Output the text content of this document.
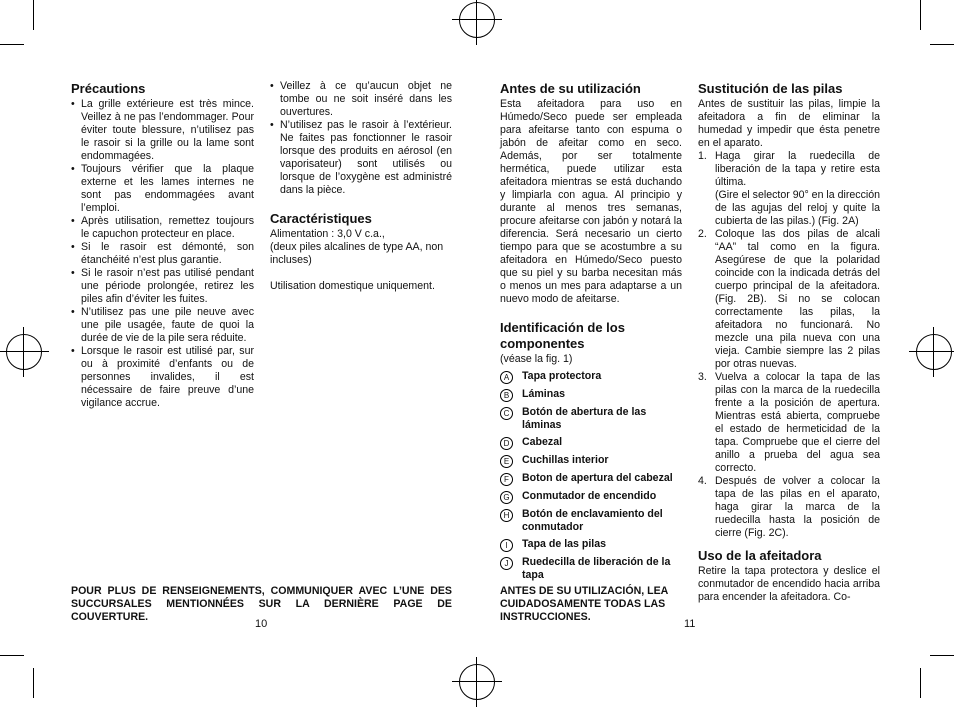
Précautions
• La grille extérieure est très mince. Veillez à ne pas l’endommager. Pour éviter toute blessure, n’utilisez pas le rasoir si la grille ou la lame sont endommagées.
• Toujours vérifier que la plaque externe et les lames internes ne sont pas endommagées avant l’emploi.
• Après utilisation, remettez toujours le capuchon protecteur en place.
• Si le rasoir est démonté, son étanchéité n’est plus garantie.
• Si le rasoir n’est pas utilisé pendant une période prolongée, retirez les piles afin d’éviter les fuites.
• N’utilisez pas une pile neuve avec une pile usagée, faute de quoi la durée de vie de la pile sera réduite.
• Lorsque le rasoir est utilisé par, sur ou à proximité d’enfants ou de personnes invalides, il est nécessaire de faire preuve d’une vigilance accrue.
• Veillez à ce qu’aucun objet ne tombe ou ne soit inséré dans les ouvertures.
• N’utilisez pas le rasoir à l’extérieur. Ne faites pas fonctionner le rasoir lorsque des produits en aérosol (en vaporisateur) sont utilisés ou lorsque de l’oxygène est administré dans la pièce.
Caractéristiques

Alimentation : 3,0 V c.a.,

(deux piles alcalines de type AA, non incluses)

Utilisation domestique uniquement.

POUR PLUS DE RENSEIGNEMENTS, COMMUNIQUER AVEC L’UNE DES SUCCURSALES MENTIONNÉES SUR LA DERNIÈRE PAGE DE COUVERTURE.
10
Antes de su utilización

Esta afeitadora para uso en Húmedo/Seco puede ser empleada para afeitarse tanto con espuma o jabón de afeitar como en seco. Además, por ser totalmente hermética, puede utilizar esta afeitadora mientras se está duchando y limpiarla con agua. Al principio y durante al menos tres semanas, procure afeitarse con jabón y notará la diferencia. Será necesario un cierto tiempo para que se acostumbre a su afeitadora en Húmedo/Seco puesto que su piel y su barba necesitan más o menos un mes para adaptarse a un nuevo modo de afeitarse.

Identificación de los
componentes

(véase la fig. 1)

A	Tapa protectora
B	Láminas
C	Botón de abertura de las láminas
D	Cabezal
E	Cuchillas interior
F	Boton de apertura del cabezal
G	Conmutador de encendido
H	Botón de enclavamiento del conmutador
I	Tapa de las pilas
J	Ruedecilla de liberación de la tapa
ANTES DE SU UTILIZACIÓN, LEA CUIDADOSAMENTE TODAS LAS INSTRUCCIONES.
11
Sustitución de las pilas

Antes de sustituir las pilas, limpie la afeitadora a fin de eliminar la humedad y impedir que ésta penetre en el aparato.

1. Haga girar la ruedecilla de liberación de la tapa y retire esta última.
(Gire el selector 90° en la dirección de las agujas del reloj y quite la cubierta de las pilas.) (Fig. 2A)
2. Coloque las dos pilas de alcali “AA” tal como en la figura. Asegúrese de que la polaridad coincide con la indicada detrás del cuerpo principal de la afeitadora. (Fig. 2B). Si no se colocan correctamente las pilas, la afeitadora no funcionará. No mezcle una pila nueva con una vieja. Cambie siempre las 2 pilas por otras nuevas.
3. Vuelva a colocar la tapa de las pilas con la marca de la ruedecilla frente a la posición de apertura. Mientras está abierta, compruebe el estado de hermeticidad de la tapa. Compruebe que el cierre del anillo a prueba del agua sea correcto.
4. Después de volver a colocar la tapa de las pilas en el aparato, haga girar la marca de la ruedecilla hasta la posición de cierre (Fig. 2C).
Uso de la afeitadora

Retire la tapa protectora y deslice el conmutador de encendido hacia arriba para encender la afeitadora. Co-
